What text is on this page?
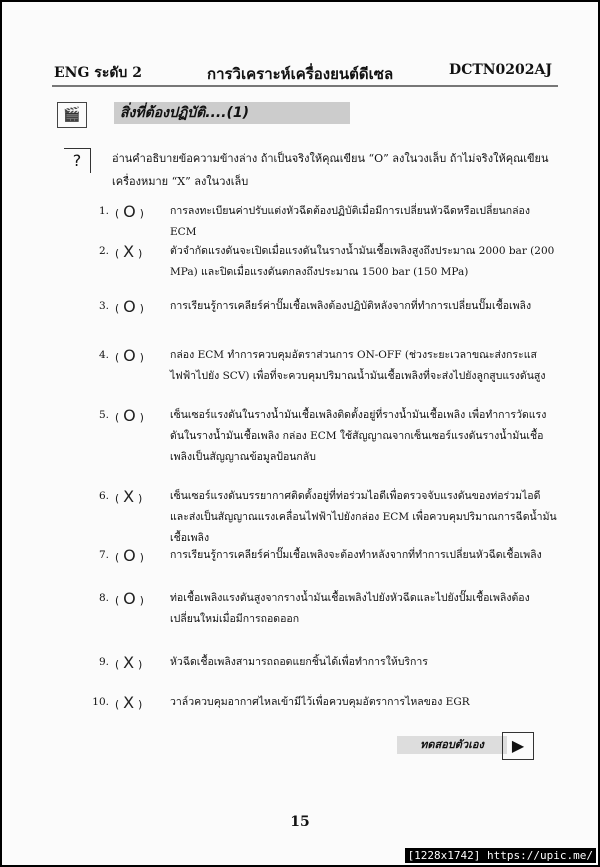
ENG ระดับ 2	การวิเคราะห์เครื่องยนต์ดีเซล	DCTN0202AJ
🎬	สิ่งที่ต้องปฏิบัติ....(1)
?	อ่านคำอธิบายข้อความข้างล่าง ถ้าเป็นจริงให้คุณเขียน “O” ลงในวงเล็บ ถ้าไม่จริงให้คุณเขียนเครื่องหมาย “X” ลงในวงเล็บ
1. ( O )	การลงทะเบียนค่าปรับแต่งหัวฉีดต้องปฏิบัติเมื่อมีการเปลี่ยนหัวฉีดหรือเปลี่ยนกล่อง ECM
2. ( X )	ตัวจำกัดแรงดันจะเปิดเมื่อแรงดันในรางน้ำมันเชื้อเพลิงสูงถึงประมาณ 2000 bar (200 MPa) และปิดเมื่อแรงดันตกลงถึงประมาณ 1500 bar (150 MPa)
3. ( O )	การเรียนรู้การเคลียร์ค่าปั๊มเชื้อเพลิงต้องปฏิบัติหลังจากที่ทำการเปลี่ยนปั๊มเชื้อเพลิง
4. ( O )	กล่อง ECM ทำการควบคุมอัตราส่วนการ ON-OFF (ช่วงระยะเวลาขณะส่งกระแสไฟฟ้าไปยัง SCV) เพื่อที่จะควบคุมปริมาณน้ำมันเชื้อเพลิงที่จะส่งไปยังลูกสูบแรงดันสูง
5. ( O )	เซ็นเซอร์แรงดันในรางน้ำมันเชื้อเพลิงติดตั้งอยู่ที่รางน้ำมันเชื้อเพลิง เพื่อทำการวัดแรงดันในรางน้ำมันเชื้อเพลิง กล่อง ECM ใช้สัญญาณจากเซ็นเซอร์แรงดันรางน้ำมันเชื้อเพลิงเป็นสัญญาณข้อมูลป้อนกลับ
6. ( X )	เซ็นเซอร์แรงดันบรรยากาศติดตั้งอยู่ที่ท่อร่วมไอดีเพื่อตรวจจับแรงดันของท่อร่วมไอดีและส่งเป็นสัญญาณแรงเคลื่อนไฟฟ้าไปยังกล่อง ECM เพื่อควบคุมปริมาณการฉีดน้ำมันเชื้อเพลิง
7. ( O )	การเรียนรู้การเคลียร์ค่าปั๊มเชื้อเพลิงจะต้องทำหลังจากที่ทำการเปลี่ยนหัวฉีดเชื้อเพลิง
8. ( O )	ท่อเชื้อเพลิงแรงดันสูงจากรางน้ำมันเชื้อเพลิงไปยังหัวฉีดและไปยังปั๊มเชื้อเพลิงต้องเปลี่ยนใหม่เมื่อมีการถอดออก
9. ( X )	หัวฉีดเชื้อเพลิงสามารถถอดแยกชิ้นได้เพื่อทำการให้บริการ
10. ( X )	วาล์วควบคุมอากาศไหลเข้ามีไว้เพื่อควบคุมอัตราการไหลของ EGR
ทดสอบตัวเอง	▶
15
[1228x1742] https://upic.me/
